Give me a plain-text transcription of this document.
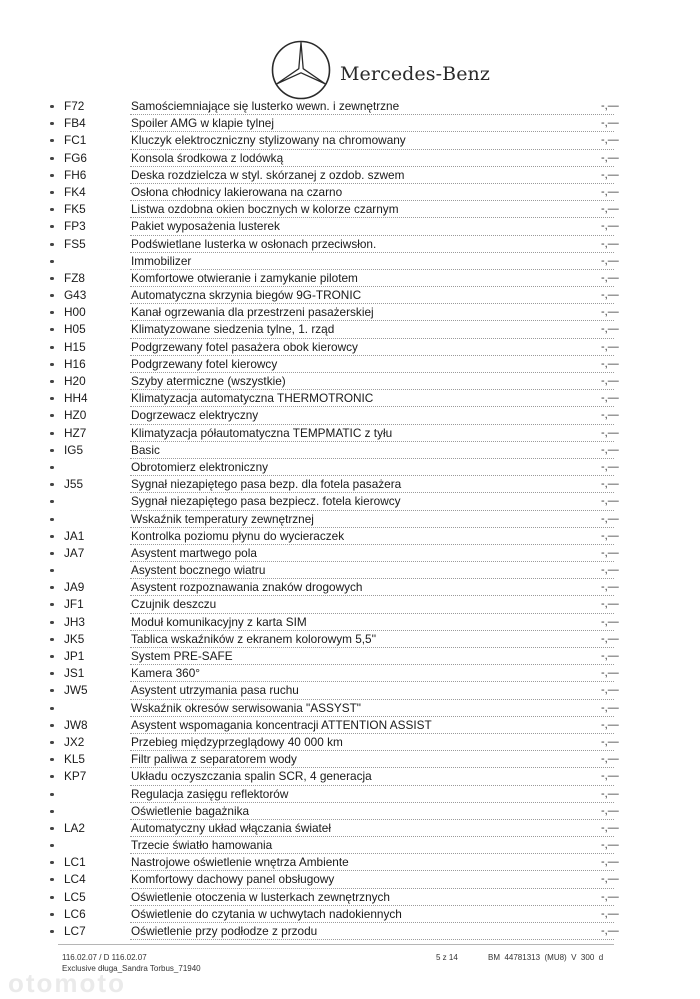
Mercedes-Benz
F72	Samościemniające się lusterko wewn. i zewnętrzne	-,—
FB4	Spoiler AMG w klapie tylnej	-,—
FC1	Kluczyk elektroczniczny stylizowany na chromowany	-,—
FG6	Konsola środkowa z lodówką	-,—
FH6	Deska rozdzielcza w styl. skórzanej z ozdob. szwem	-,—
FK4	Osłona chłodnicy lakierowana na czarno	-,—
FK5	Listwa ozdobna okien bocznych w kolorze czarnym	-,—
FP3	Pakiet wyposażenia lusterek	-,—
FS5	Podświetlane lusterka w osłonach przeciwsłon.	-,—
Immobilizer	-,—
FZ8	Komfortowe otwieranie i zamykanie pilotem	-,—
G43	Automatyczna skrzynia biegów 9G-TRONIC	-,—
H00	Kanał ogrzewania dla przestrzeni pasażerskiej	-,—
H05	Klimatyzowane siedzenia tylne, 1. rząd	-,—
H15	Podgrzewany fotel pasażera obok kierowcy	-,—
H16	Podgrzewany fotel kierowcy	-,—
H20	Szyby atermiczne (wszystkie)	-,—
HH4	Klimatyzacja automatyczna THERMOTRONIC	-,—
HZ0	Dogrzewacz elektryczny	-,—
HZ7	Klimatyzacja półautomatyczna TEMPMATIC z tyłu	-,—
IG5	Basic	-,—
Obrotomierz elektroniczny	-,—
J55	Sygnał niezapiętego pasa bezp. dla fotela pasażera	-,—
Sygnał niezapiętego pasa bezpiecz. fotela kierowcy	-,—
Wskaźnik temperatury zewnętrznej	-,—
JA1	Kontrolka poziomu płynu do wycieraczek	-,—
JA7	Asystent martwego pola	-,—
Asystent bocznego wiatru	-,—
JA9	Asystent rozpoznawania znaków drogowych	-,—
JF1	Czujnik deszczu	-,—
JH3	Moduł komunikacyjny z karta SIM	-,—
JK5	Tablica wskaźników z ekranem kolorowym 5,5''	-,—
JP1	System PRE-SAFE	-,—
JS1	Kamera 360°	-,—
JW5	Asystent utrzymania pasa ruchu	-,—
Wskaźnik okresów serwisowania "ASSYST"	-,—
JW8	Asystent wspomagania koncentracji ATTENTION ASSIST	-,—
JX2	Przebieg międzyprzeglądowy 40 000 km	-,—
KL5	Filtr paliwa z separatorem wody	-,—
KP7	Układu oczyszczania spalin SCR, 4 generacja	-,—
Regulacja zasięgu reflektorów	-,—
Oświetlenie bagażnika	-,—
LA2	Automatyczny układ włączania świateł	-,—
Trzecie światło hamowania	-,—
LC1	Nastrojowe oświetlenie wnętrza Ambiente	-,—
LC4	Komfortowy dachowy panel obsługowy	-,—
LC5	Oświetlenie otoczenia w lusterkach zewnętrznych	-,—
LC6	Oświetlenie do czytania w uchwytach nadokiennych	-,—
LC7	Oświetlenie przy podłodze z przodu	-,—
116.02.07 / D 116.02.07
Exclusive długa_Sandra Torbus_71940
5 z 14	BM  44781313  (MU8)  V  300  d
otomoto
